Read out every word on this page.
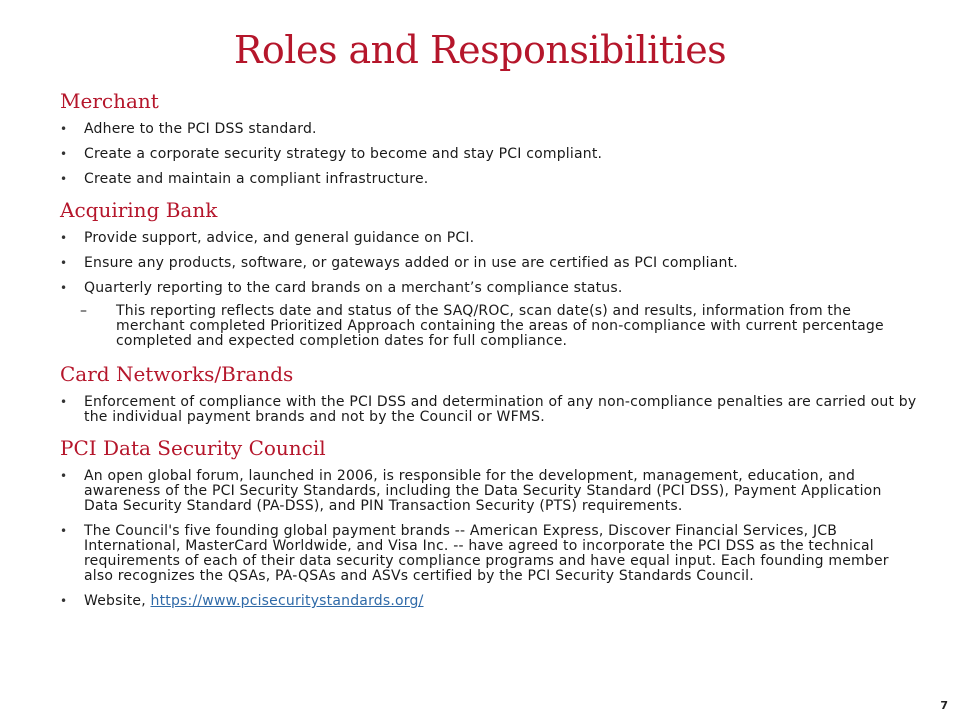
Roles and Responsibilities
Merchant
• Adhere to the PCI DSS standard.
• Create a corporate security strategy to become and stay PCI compliant.
• Create and maintain a compliant infrastructure.
Acquiring Bank
• Provide support, advice, and general guidance on PCI.
• Ensure any products, software, or gateways added or in use are certified as PCI compliant.
• Quarterly reporting to the card brands on a merchant’s compliance status.
– This reporting reflects date and status of the SAQ/ROC, scan date(s) and results, information from the merchant completed Prioritized Approach containing the areas of non-compliance with current percentage completed and expected completion dates for full compliance.
Card Networks/Brands
• Enforcement of compliance with the PCI DSS and determination of any non-compliance penalties are carried out by the individual payment brands and not by the Council or WFMS.
PCI Data Security Council
• An open global forum, launched in 2006, is responsible for the development, management, education, and awareness of the PCI Security Standards, including the Data Security Standard (PCI DSS), Payment Application Data Security Standard (PA-DSS), and PIN Transaction Security (PTS) requirements.
• The Council's five founding global payment brands -- American Express, Discover Financial Services, JCB International, MasterCard Worldwide, and Visa Inc. -- have agreed to incorporate the PCI DSS as the technical requirements of each of their data security compliance programs and have equal input. Each founding member also recognizes the QSAs, PA-QSAs and ASVs certified by the PCI Security Standards Council.
• Website, https://www.pcisecuritystandards.org/
7
